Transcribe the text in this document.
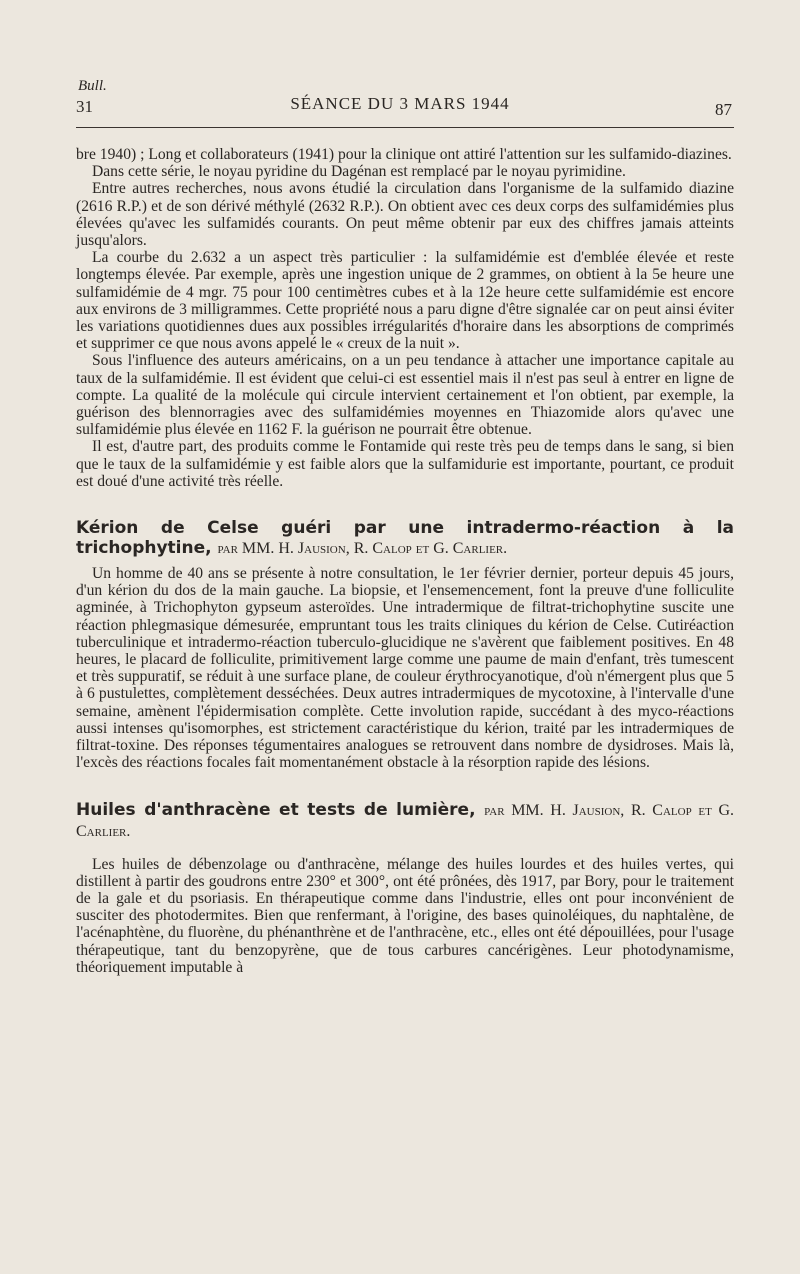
Bull.
31	SÉANCE DU 3 MARS 1944	87

bre 1940) ; Long et collaborateurs (1941) pour la clinique ont attiré l'attention sur les sulfamido-diazines.

Dans cette série, le noyau pyridine du Dagénan est remplacé par le noyau pyrimidine.

Entre autres recherches, nous avons étudié la circulation dans l'organisme de la sulfamido diazine (2616 R.P.) et de son dérivé méthylé (2632 R.P.). On obtient avec ces deux corps des sulfamidémies plus élevées qu'avec les sulfamidés courants. On peut même obtenir par eux des chiffres jamais atteints jusqu'alors.

La courbe du 2.632 a un aspect très particulier : la sulfamidémie est d'emblée élevée et reste longtemps élevée. Par exemple, après une ingestion unique de 2 grammes, on obtient à la 5e heure une sulfamidémie de 4 mgr. 75 pour 100 centimètres cubes et à la 12e heure cette sulfamidémie est encore aux environs de 3 milligrammes. Cette propriété nous a paru digne d'être signalée car on peut ainsi éviter les variations quotidiennes dues aux possibles irrégularités d'horaire dans les absorptions de comprimés et supprimer ce que nous avons appelé le « creux de la nuit ».

Sous l'influence des auteurs américains, on a un peu tendance à attacher une importance capitale au taux de la sulfamidémie. Il est évident que celui-ci est essentiel mais il n'est pas seul à entrer en ligne de compte. La qualité de la molécule qui circule intervient certainement et l'on obtient, par exemple, la guérison des blennorragies avec des sulfamidémies moyennes en Thiazomide alors qu'avec une sulfamidémie plus élevée en 1162 F. la guérison ne pourrait être obtenue.

Il est, d'autre part, des produits comme le Fontamide qui reste très peu de temps dans le sang, si bien que le taux de la sulfamidémie y est faible alors que la sulfamidurie est importante, pourtant, ce produit est doué d'une activité très réelle.

Kérion de Celse guéri par une intradermo-réaction à la trichophytine, par MM. H. Jausion, R. Calop et G. Carlier.

Un homme de 40 ans se présente à notre consultation, le 1er février dernier, porteur depuis 45 jours, d'un kérion du dos de la main gauche. La biopsie, et l'ensemencement, font la preuve d'une folliculite agminée, à Trichophyton gypseum asteroïdes. Une intradermique de filtrat-trichophytine suscite une réaction phlegmasique démesurée, empruntant tous les traits cliniques du kérion de Celse. Cutiréaction tuberculinique et intradermo-réaction tuberculo-glucidique ne s'avèrent que faiblement positives. En 48 heures, le placard de folliculite, primitivement large comme une paume de main d'enfant, très tumescent et très suppuratif, se réduit à une surface plane, de couleur érythrocyanotique, d'où n'émergent plus que 5 à 6 pustulettes, complètement desséchées. Deux autres intradermiques de mycotoxine, à l'intervalle d'une semaine, amènent l'épidermisation complète. Cette involution rapide, succédant à des myco-réactions aussi intenses qu'isomorphes, est strictement caractéristique du kérion, traité par les intradermiques de filtrat-toxine. Des réponses tégumentaires analogues se retrouvent dans nombre de dysidroses. Mais là, l'excès des réactions focales fait momentanément obstacle à la résorption rapide des lésions.

Huiles d'anthracène et tests de lumière, par MM. H. Jausion, R. Calop et G. Carlier.

Les huiles de débenzolage ou d'anthracène, mélange des huiles lourdes et des huiles vertes, qui distillent à partir des goudrons entre 230° et 300°, ont été prônées, dès 1917, par Bory, pour le traitement de la gale et du psoriasis. En thérapeutique comme dans l'industrie, elles ont pour inconvénient de susciter des photodermites. Bien que renfermant, à l'origine, des bases quinoléiques, du naphtalène, de l'acénaphtène, du fluorène, du phénanthrène et de l'anthracène, etc., elles ont été dépouillées, pour l'usage thérapeutique, tant du benzopyrène, que de tous carbures cancérigènes. Leur photodynamisme, théoriquement imputable à
